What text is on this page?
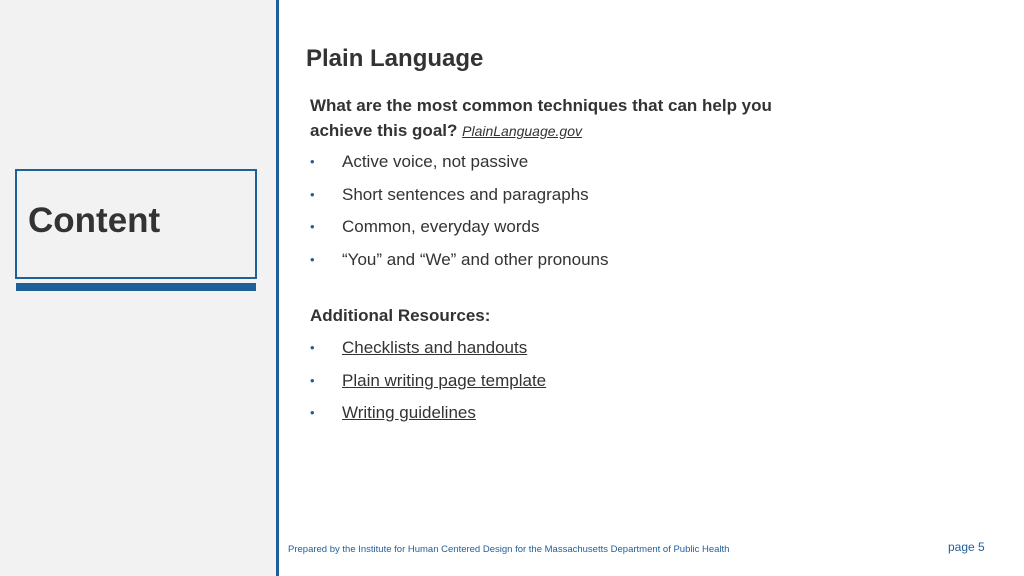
Content
Plain Language
What are the most common techniques that can help you achieve this goal? PlainLanguage.gov
•	Active voice, not passive
•	Short sentences and paragraphs
•	Common, everyday words
•	“You” and “We” and other pronouns
Additional Resources:
•	Checklists and handouts
•	Plain writing page template
•	Writing guidelines
Prepared by the Institute for Human Centered Design for the Massachusetts Department of Public Health	page 5
